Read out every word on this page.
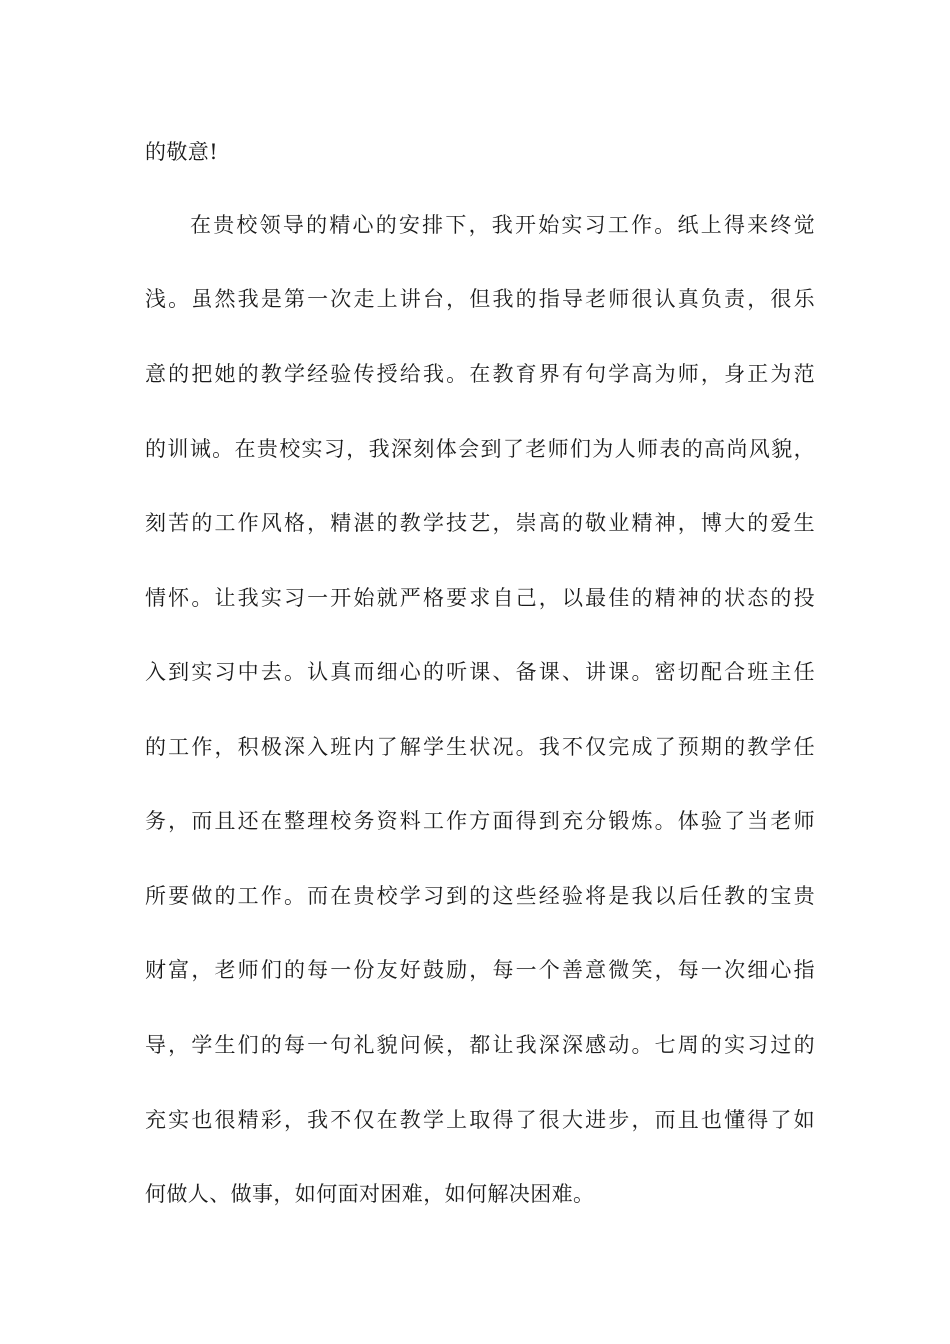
的敬意!
在贵校领导的精心的安排下，我开始实习工作。纸上得来终觉
浅。虽然我是第一次走上讲台，但我的指导老师很认真负责，很乐
意的把她的教学经验传授给我。在教育界有句学高为师，身正为范
的训诫。在贵校实习，我深刻体会到了老师们为人师表的高尚风貌，
刻苦的工作风格，精湛的教学技艺，崇高的敬业精神，博大的爱生
情怀。让我实习一开始就严格要求自己，以最佳的精神的状态的投
入到实习中去。认真而细心的听课、备课、讲课。密切配合班主任
的工作，积极深入班内了解学生状况。我不仅完成了预期的教学任
务，而且还在整理校务资料工作方面得到充分锻炼。体验了当老师
所要做的工作。而在贵校学习到的这些经验将是我以后任教的宝贵
财富，老师们的每一份友好鼓励，每一个善意微笑，每一次细心指
导，学生们的每一句礼貌问候，都让我深深感动。七周的实习过的
充实也很精彩，我不仅在教学上取得了很大进步，而且也懂得了如
何做人、做事，如何面对困难，如何解决困难。
